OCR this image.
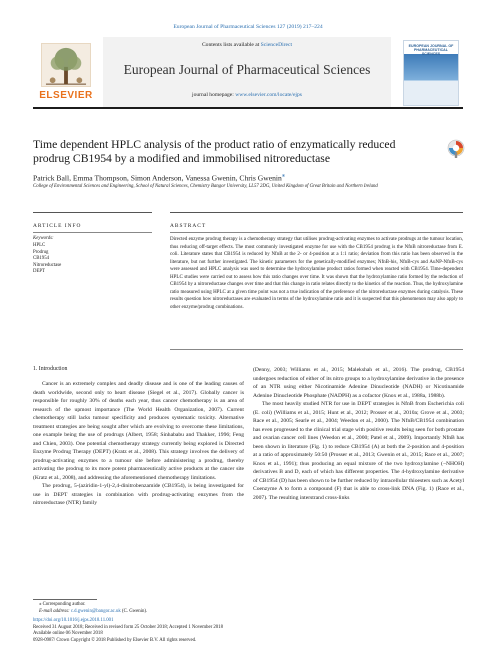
European Journal of Pharmaceutical Sciences 127 (2019) 217–224
ELSEVIER
Contents lists available at ScienceDirect
European Journal of Pharmaceutical Sciences
journal homepage: www.elsevier.com/locate/ejps
EUROPEAN JOURNAL OF PHARMACEUTICAL SCIENCES
Time dependent HPLC analysis of the product ratio of enzymatically reduced prodrug CB1954 by a modified and immobilised nitroreductase
Patrick Ball, Emma Thompson, Simon Anderson, Vanessa Gwenin, Chris Gwenin⁎
College of Environmental Sciences and Engineering, School of Natural Sciences, Chemistry Bangor University, LL57 2DG, United Kingdom of Great Britain and Northern Ireland
ARTICLE INFO	ABSTRACT
Keywords:
HPLC
Prodrug
CB1954
Nitroreductase
DEPT
Directed enzyme prodrug therapy is a chemotherapy strategy that utilises prodrug-activating enzymes to activate prodrugs at the tumour location, thus reducing off-target effects. The most commonly investigated enzyme for use with the CB1954 prodrug is the NfnB nitroreductase from E. coli. Literature states that CB1954 is reduced by NfnB at the 2- or 4-position at a 1:1 ratio; deviation from this ratio has been observed in the literature, but not further investigated. The kinetic parameters for the genetically-modified enzymes; NfnB-his, NfnB-cys and AuNP-NfnB-cys were assessed and HPLC analysis was used to determine the hydroxylamine product ratios formed when reacted with CB1954. Time-dependent HPLC studies were carried out to assess how this ratio changes over time. It was shown that the hydroxylamine ratio formed by the reduction of CB1954 by a nitroreductase changes over time and that this change in ratio relates directly to the kinetics of the reaction. Thus, the hydroxylamine ratio measured using HPLC at a given time point was not a true indication of the preference of the nitroreductase enzymes during catalysis. These results question how nitroreductases are evaluated in terms of the hydroxylamine ratio and it is suspected that this phenomenon may also apply to other enzyme/prodrug combinations.
1. Introduction

Cancer is an extremely complex and deadly disease and is one of the leading causes of death worldwide, second only to heart disease (Siegel et al., 2017). Globally cancer is responsible for roughly 30% of deaths each year, thus cancer chemotherapy is an area of research of the upmost importance (The World Health Organization, 2007). Current chemotherapy still lacks tumour specificity and produces systematic toxicity. Alternative treatment strategies are being sought after which are evolving to overcome these limitations, one example being the use of prodrugs (Albert, 1958; Sinhababu and Thakker, 1996; Feng and Chien, 2003). One potential chemotherapy strategy currently being explored is Directed Enzyme Prodrug Therapy (DEPT) (Kratz et al., 2008). This strategy involves the delivery of prodrug-activating enzymes to a tumour site before administering a prodrug, thereby activating the prodrug to its more potent pharmaceutically active products at the cancer site (Kratz et al., 2008), and addressing the aforementioned chemotherapy limitations.

The prodrug, 5-(aziridin-1-yl)-2,4-dinitrobenzamide (CB1954), is being investigated for use in DEPT strategies in combination with prodrug-activating enzymes from the nitroreductase (NTR) family

(Denny, 2003; Williams et al., 2015; Malekshah et al., 2016). The prodrug, CB1954 undergoes reduction of either of its nitro groups to a hydroxylamine derivative in the presence of an NTR using either Nicotinamide Adenine Dinucleotide (NADH) or Nicotinamide Adenine Dinucleotide Phosphate (NADPH) as a cofactor (Knox et al., 1988a, 1988b).

The most heavily studied NTR for use in DEPT strategies is NfnB from Escherichia coli (E. coli) (Williams et al., 2015; Hunt et al., 2012; Prosser et al., 2010a; Grove et al., 2003; Race et al., 2005; Searle et al., 2004; Weedon et al., 2000). The NfnB/CB1954 combination has even progressed to the clinical trial stage with positive results being seen for both prostate and ovarian cancer cell lines (Weedon et al., 2000; Patel et al., 2009). Importantly NfnB has been shown in literature (Fig. 1) to reduce CB1954 (A) at both the 2-position and 4-position at a ratio of approximately 50:50 (Prosser et al., 2013; Gwenin et al., 2015; Race et al., 2007; Knox et al., 1991); thus producing an equal mixture of the two hydroxylamine (−NHOH) derivatives B and D, each of which has different properties. The 4-hydroxylamine derivative of CB1954 (D) has been shown to be further reduced by intracellular thioesters such as Acetyl Coenzyme A to form a compound (F) that is able to cross-link DNA (Fig. 1) (Race et al., 2007). The resulting interstrand cross-links

⁎ Corresponding author.
E-mail address: c.d.gwenin@bangor.ac.uk (C. Gwenin).
https://doi.org/10.1016/j.ejps.2018.11.001
Received 31 August 2018; Received in revised form 25 October 2018; Accepted 1 November 2018
Available online 06 November 2018
0928-0987/ Crown Copyright © 2018 Published by Elsevier B.V. All rights reserved.
